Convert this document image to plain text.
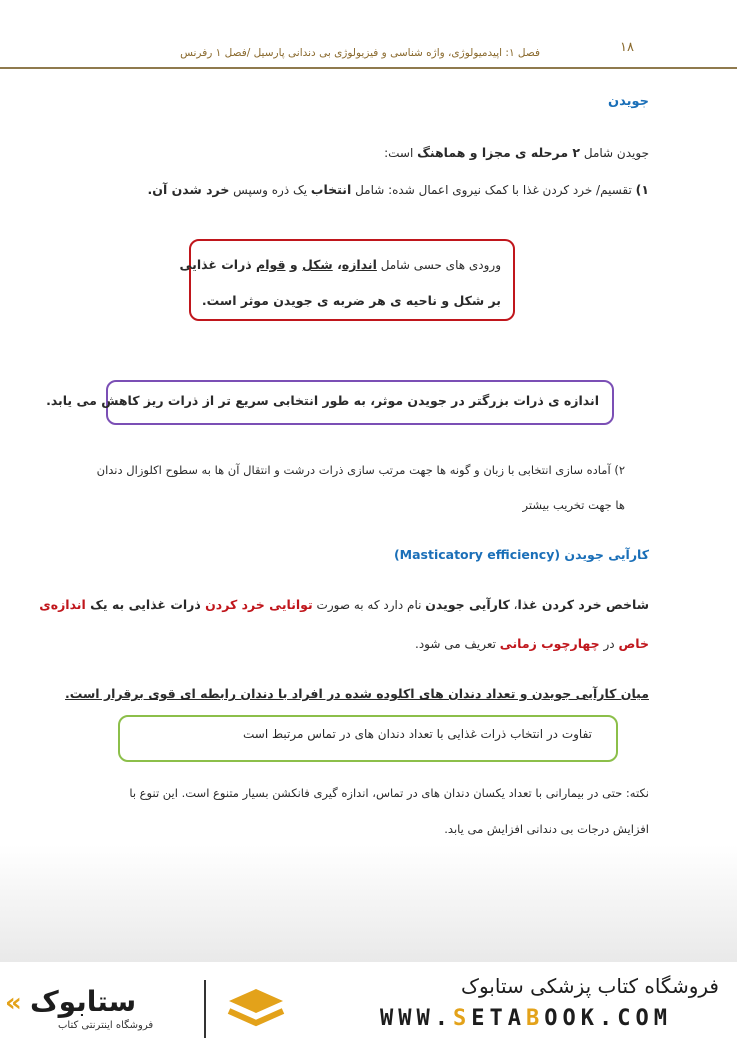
۱۸
فصل ۱: اپیدمیولوژی، واژه شناسی و فیزیولوژی بی دندانی پارسیل /فصل ۱ رفرنس
جویدن
جویدن شامل ۲ مرحله ی مجزا و هماهنگ است:
۱) تقسیم/ خرد کردن غذا با کمک نیروی اعمال شده: شامل انتخاب یک ذره وسپس خرد شدن آن.
ورودی های حسی شامل اندازه، شکل و قوام ذرات غذایی
بر شکل و ناحیه ی هر ضربه ی جویدن موثر است.
اندازه ی ذرات بزرگتر در جویدن موثر، به طور انتخابی سریع تر از ذرات ریز کاهش می یابد.
۲) آماده سازی انتخابی با زبان و گونه ها جهت مرتب سازی ذرات درشت و انتقال آن ها به سطوح اکلوزال دندان
ها جهت تخریب بیشتر
کارآیی جویدن (Masticatory efficiency)
شاخص خرد کردن غذا، کارآیی جویدن نام دارد که به صورت توانایی خرد کردن ذرات غذایی به یک اندازه‌ی
خاص در چهارچوب زمانی تعریف می شود.
میان کارآیی جویدن و تعداد دندان های اکلوده شده در افراد با دندان رابطه ای قوی برقرار است.
تفاوت در انتخاب ذرات غذایی با تعداد دندان های در تماس مرتبط است
نکته: حتی در بیمارانی با تعداد یکسان دندان های در تماس، اندازه گیری فانکشن بسیار متنوع است. این تنوع با
افزایش درجات بی دندانی افزایش می یابد.
فروشگاه کتاب پزشکی ستابوک
WWW.SETABOOK.COM
ستابوک
فروشگاه اینترنتی کتاب
«
